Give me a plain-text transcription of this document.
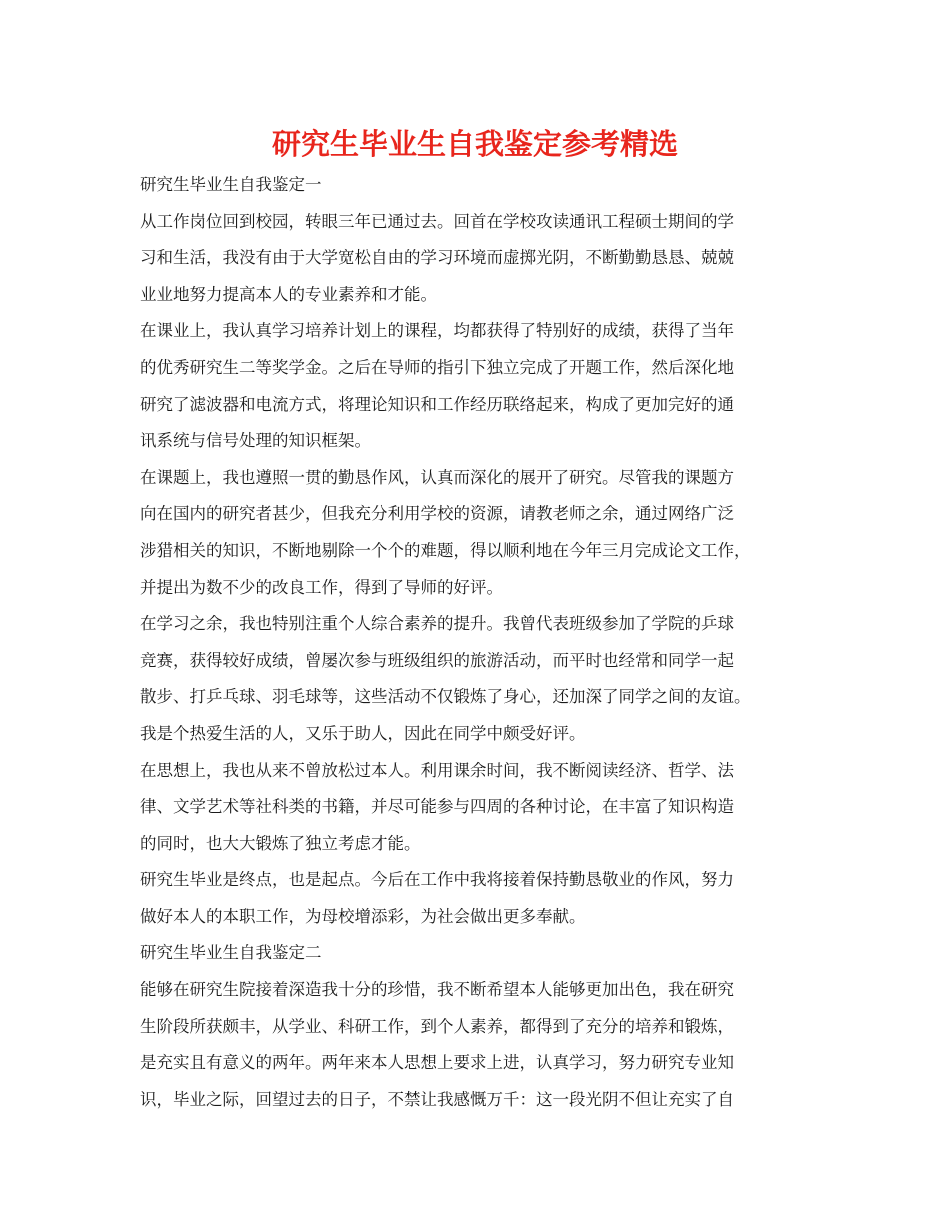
研究生毕业生自我鉴定参考精选
研究生毕业生自我鉴定一
从工作岗位回到校园，转眼三年已通过去。回首在学校攻读通讯工程硕士期间的学
习和生活，我没有由于大学宽松自由的学习环境而虚掷光阴，不断勤勤恳恳、兢兢
业业地努力提高本人的专业素养和才能。
在课业上，我认真学习培养计划上的课程，均都获得了特别好的成绩，获得了当年
的优秀研究生二等奖学金。之后在导师的指引下独立完成了开题工作，然后深化地
研究了滤波器和电流方式，将理论知识和工作经历联络起来，构成了更加完好的通
讯系统与信号处理的知识框架。
在课题上，我也遵照一贯的勤恳作风，认真而深化的展开了研究。尽管我的课题方
向在国内的研究者甚少，但我充分利用学校的资源，请教老师之余，通过网络广泛
涉猎相关的知识，不断地剔除一个个的难题，得以顺利地在今年三月完成论文工作，
并提出为数不少的改良工作，得到了导师的好评。
在学习之余，我也特别注重个人综合素养的提升。我曾代表班级参加了学院的乒球
竞赛，获得较好成绩，曾屡次参与班级组织的旅游活动，而平时也经常和同学一起
散步、打乒乓球、羽毛球等，这些活动不仅锻炼了身心，还加深了同学之间的友谊。
我是个热爱生活的人，又乐于助人，因此在同学中颇受好评。
在思想上，我也从来不曾放松过本人。利用课余时间，我不断阅读经济、哲学、法
律、文学艺术等社科类的书籍，并尽可能参与四周的各种讨论，在丰富了知识构造
的同时，也大大锻炼了独立考虑才能。
研究生毕业是终点，也是起点。今后在工作中我将接着保持勤恳敬业的作风，努力
做好本人的本职工作，为母校增添彩，为社会做出更多奉献。
研究生毕业生自我鉴定二
能够在研究生院接着深造我十分的珍惜，我不断希望本人能够更加出色，我在研究
生阶段所获颇丰，从学业、科研工作，到个人素养，都得到了充分的培养和锻炼，
是充实且有意义的两年。两年来本人思想上要求上进，认真学习，努力研究专业知
识，毕业之际，回望过去的日子，不禁让我感慨万千：这一段光阴不但让充实了自
